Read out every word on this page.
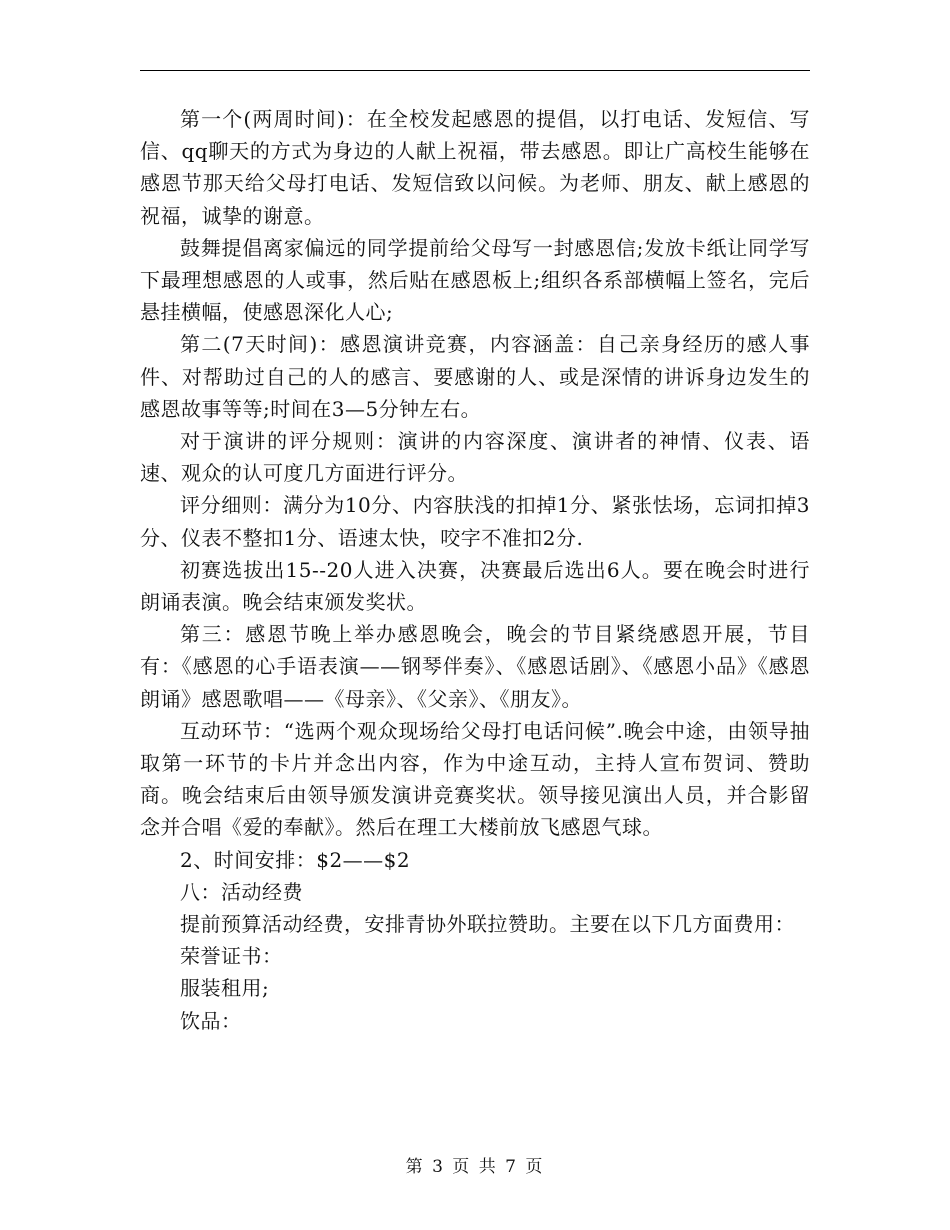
第一个(两周时间)：在全校发起感恩的提倡，以打电话、发短信、写信、qq聊天的方式为身边的人献上祝福，带去感恩。即让广高校生能够在感恩节那天给父母打电话、发短信致以问候。为老师、朋友、献上感恩的祝福，诚挚的谢意。

鼓舞提倡离家偏远的同学提前给父母写一封感恩信;发放卡纸让同学写下最理想感恩的人或事，然后贴在感恩板上;组织各系部横幅上签名，完后悬挂横幅，使感恩深化人心;

第二(7天时间)：感恩演讲竞赛，内容涵盖：自己亲身经历的感人事件、对帮助过自己的人的感言、要感谢的人、或是深情的讲诉身边发生的感恩故事等等;时间在3—5分钟左右。

对于演讲的评分规则：演讲的内容深度、演讲者的神情、仪表、语速、观众的认可度几方面进行评分。

评分细则：满分为10分、内容肤浅的扣掉1分、紧张怯场，忘词扣掉3分、仪表不整扣1分、语速太快，咬字不准扣2分.

初赛选拔出15--20人进入决赛，决赛最后选出6人。要在晚会时进行朗诵表演。晚会结束颁发奖状。

第三：感恩节晚上举办感恩晚会，晚会的节目紧绕感恩开展，节目有：《感恩的心手语表演——钢琴伴奏》、《感恩话剧》、《感恩小品》《感恩朗诵》感恩歌唱——《母亲》、《父亲》、《朋友》。

互动环节：“选两个观众现场给父母打电话问候”.晚会中途，由领导抽取第一环节的卡片并念出内容，作为中途互动，主持人宣布贺词、赞助商。晚会结束后由领导颁发演讲竞赛奖状。领导接见演出人员，并合影留念并合唱《爱的奉献》。然后在理工大楼前放飞感恩气球。

2、时间安排：$2——$2

八：活动经费

提前预算活动经费，安排青协外联拉赞助。主要在以下几方面费用：

荣誉证书：

服装租用;

饮品：

第 3 页 共 7 页
